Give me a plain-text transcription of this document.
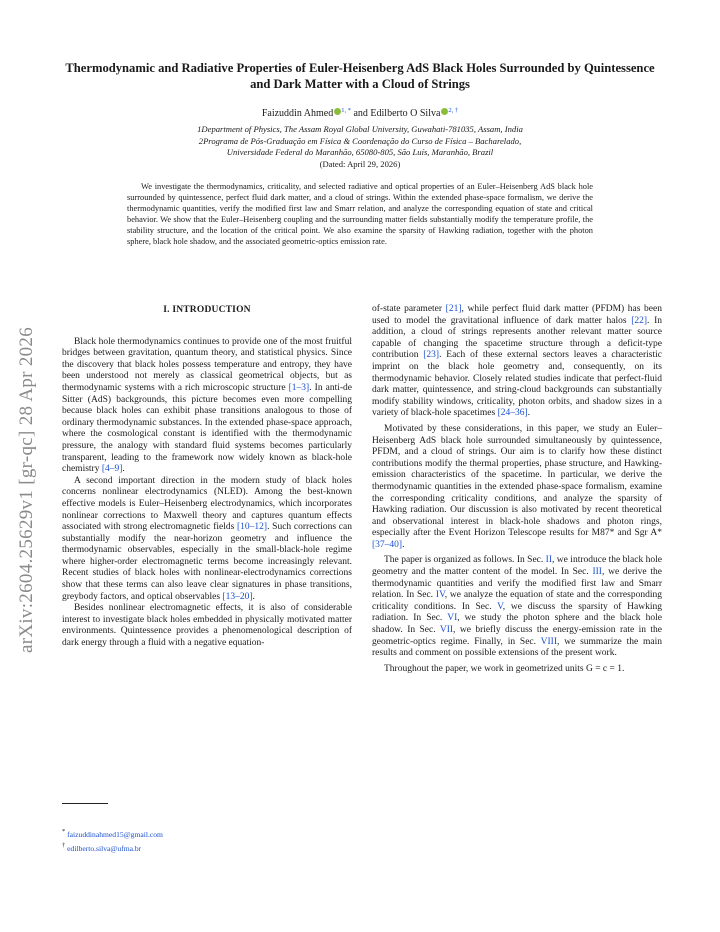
arXiv:2604.25629v1 [gr-qc] 28 Apr 2026
Thermodynamic and Radiative Properties of Euler-Heisenberg AdS Black Holes Surrounded by Quintessence and Dark Matter with a Cloud of Strings
Faizuddin Ahmed $^{1, *}$ and Edilberto O Silva $^{2, \dagger}$
1Department of Physics, The Assam Royal Global University, Guwahati-781035, Assam, India
2Programa de Pós-Graduação em Física & Coordenação do Curso de Física – Bacharelado,
Universidade Federal do Maranhão, 65080-805, São Luís, Maranhão, Brazil
(Dated: April 29, 2026)
We investigate the thermodynamics, criticality, and selected radiative and optical properties of an Euler–Heisenberg AdS black hole surrounded by quintessence, perfect fluid dark matter, and a cloud of strings. Within the extended phase-space formalism, we derive the thermodynamic quantities, verify the modified first law and Smarr relation, and analyze the corresponding equation of state and critical behavior. We show that the Euler–Heisenberg coupling and the surrounding matter fields substantially modify the temperature profile, the stability structure, and the location of the critical point. We also examine the sparsity of Hawking radiation, together with the photon sphere, black hole shadow, and the associated geometric-optics emission rate.
I. INTRODUCTION

Black hole thermodynamics continues to provide one of the most fruitful bridges between gravitation, quantum theory, and statistical physics. Since the discovery that black holes possess temperature and entropy, they have been understood not merely as classical geometrical objects, but as thermodynamic systems with a rich microscopic structure [1–3]. In anti-de Sitter (AdS) backgrounds, this picture becomes even more compelling because black holes can exhibit phase transitions analogous to those of ordinary thermodynamic substances. In the extended phase-space approach, where the cosmological constant is identified with the thermodynamic pressure, the analogy with standard fluid systems becomes particularly transparent, leading to the framework now widely known as black-hole chemistry [4–9].

A second important direction in the modern study of black holes concerns nonlinear electrodynamics (NLED). Among the best-known effective models is Euler–Heisenberg electrodynamics, which incorporates nonlinear corrections to Maxwell theory and captures quantum effects associated with strong electromagnetic fields [10–12]. Such corrections can substantially modify the near-horizon geometry and influence the thermodynamic observables, especially in the small-black-hole regime where higher-order electromagnetic terms become increasingly relevant. Recent studies of black holes with nonlinear-electrodynamics corrections show that these terms can also leave clear signatures in phase transitions, greybody factors, and optical observables [13–20].

Besides nonlinear electromagnetic effects, it is also of considerable interest to investigate black holes embedded in physically motivated matter environments. Quintessence provides a phenomenological description of dark energy through a fluid with a negative equation-

* faizuddinahmed15@gmail.com
† edilberto.silva@ufma.br

of-state parameter [21], while perfect fluid dark matter (PFDM) has been used to model the gravitational influence of dark matter halos [22]. In addition, a cloud of strings represents another relevant matter source capable of changing the spacetime structure through a deficit-type contribution [23]. Each of these external sectors leaves a characteristic imprint on the black hole geometry and, consequently, on its thermodynamic behavior. Closely related studies indicate that perfect-fluid dark matter, quintessence, and string-cloud backgrounds can substantially modify stability windows, criticality, photon orbits, and shadow sizes in a variety of black-hole spacetimes [24–36].

Motivated by these considerations, in this paper, we study an Euler–Heisenberg AdS black hole surrounded simultaneously by quintessence, PFDM, and a cloud of strings. Our aim is to clarify how these distinct contributions modify the thermal properties, phase structure, and Hawking-emission characteristics of the spacetime. In particular, we derive the thermodynamic quantities in the extended phase-space formalism, examine the corresponding criticality conditions, and analyze the sparsity of Hawking radiation. Our discussion is also motivated by recent theoretical and observational interest in black-hole shadows and photon rings, especially after the Event Horizon Telescope results for M87* and Sgr A* [37–40].

The paper is organized as follows. In Sec. II, we introduce the black hole geometry and the matter content of the model. In Sec. III, we derive the thermodynamic quantities and verify the modified first law and Smarr relation. In Sec. IV, we analyze the equation of state and the corresponding criticality conditions. In Sec. V, we discuss the sparsity of Hawking radiation. In Sec. VI, we study the photon sphere and the black hole shadow. In Sec. VII, we briefly discuss the energy-emission rate in the geometric-optics regime. Finally, in Sec. VIII, we summarize the main results and comment on possible extensions of the present work.

Throughout the paper, we work in geometrized units G = c = 1.
